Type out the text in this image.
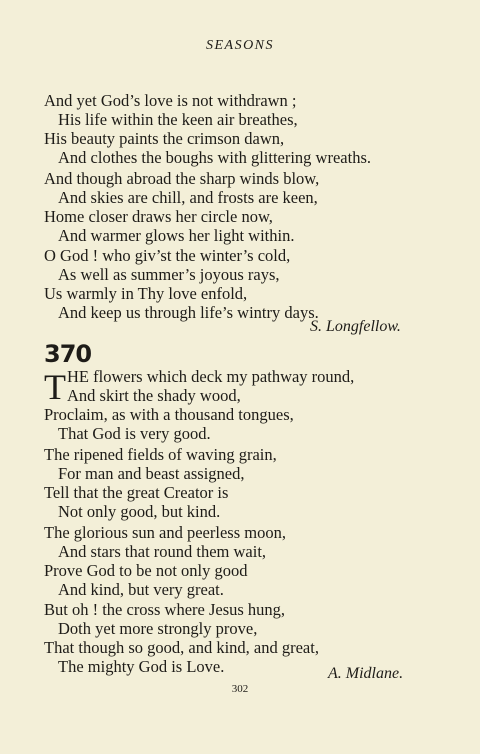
SEASONS
And yet God’s love is not withdrawn ;
His life within the keen air breathes,
His beauty paints the crimson dawn,
And clothes the boughs with glittering wreaths.
And though abroad the sharp winds blow,
And skies are chill, and frosts are keen,
Home closer draws her circle now,
And warmer glows her light within.
O God ! who giv’st the winter’s cold,
As well as summer’s joyous rays,
Us warmly in Thy love enfold,
And keep us through life’s wintry days.
S. Longfellow.
370
T HE flowers which deck my pathway round,
And skirt the shady wood,
Proclaim, as with a thousand tongues,
That God is very good.
The ripened fields of waving grain,
For man and beast assigned,
Tell that the great Creator is
Not only good, but kind.
The glorious sun and peerless moon,
And stars that round them wait,
Prove God to be not only good
And kind, but very great.
But oh ! the cross where Jesus hung,
Doth yet more strongly prove,
That though so good, and kind, and great,
The mighty God is Love.	A. Midlane.
302
